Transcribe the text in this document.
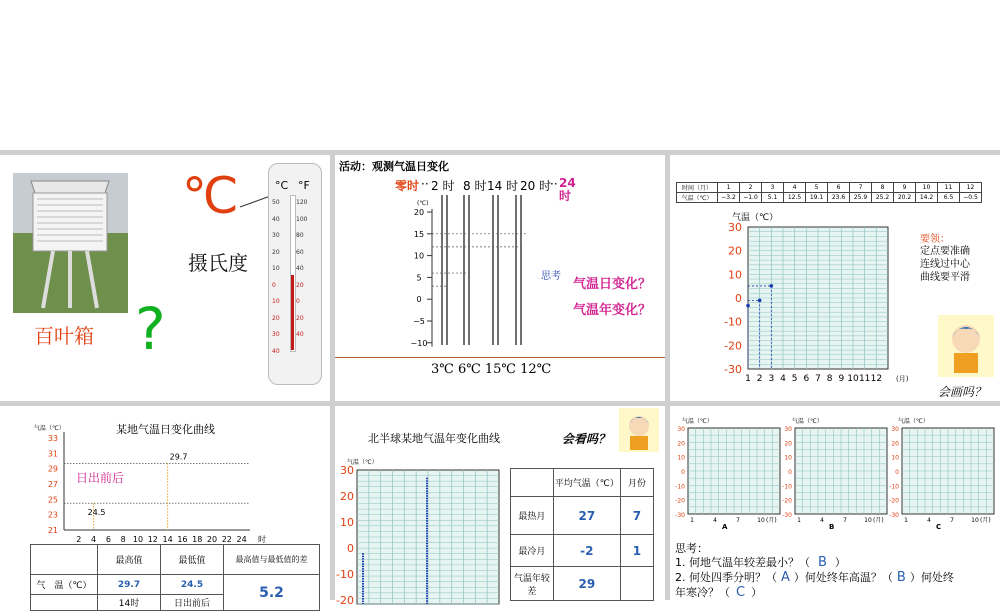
百叶箱 ?
°C
摄氏度
°C °F
50
40
30
20
10
0
10
20
30
40
120
100
80
60
40
20
0
20
40
活动：观测气温日变化
零时 ·· 2 时 8 时 14 时 20 时
·· 24 时
(℃)
20
15
10
5
0
−5
−10
思考
气温日变化？
气温年变化？
3℃ 6℃ 15℃ 12℃
时间（月）	1	2	3	4	5	6	7	8	9	10	11	12
气温（℃）	−3.2	−1.0	5.1	12.5	19.1	23.6	25.9	25.2	20.2	14.2	6.5	−0.5
气温（℃）
30
20
10
0
-10
-20
-30
1 2 3 4 5 6 7 8 9 10 11 12 (月)
要领：
定点要准确
连线过中心
曲线要平滑
会画吗？
某地气温日变化曲线
气温（℃）
33
31
29
27
25
23
21
2 4 6 8 10 12 14 16 18 20 22 24 时
29.7
24.5
日出前后
	最高值	最低值	最高值与最低值的差
气　温（℃）	29.7	24.5	5.2
	14时	日出前后	
北半球某地气温年变化曲线	会看吗？
气温（℃）
30
20
10
0
-10
-20
	平均气温（℃）	月份
最热月	27	7
最冷月	-2	1
气温年较差	29	
气温（℃）	气温（℃）	气温（℃）
30
20
10
0
-10
-20
-30
1	4	7	10 (月)
A
30
20
10
0
-10
-20
-30
1	4	7	10 (月)
B
30
20
10
0
-10
-20
-30
1	4	7	10 (月)
C
思考：
1. 何地气温年较差最小？（ B ）
2. 何处四季分明？（ A ）何处终年高温？（ B ）何处终
年寒冷？（ C ）
